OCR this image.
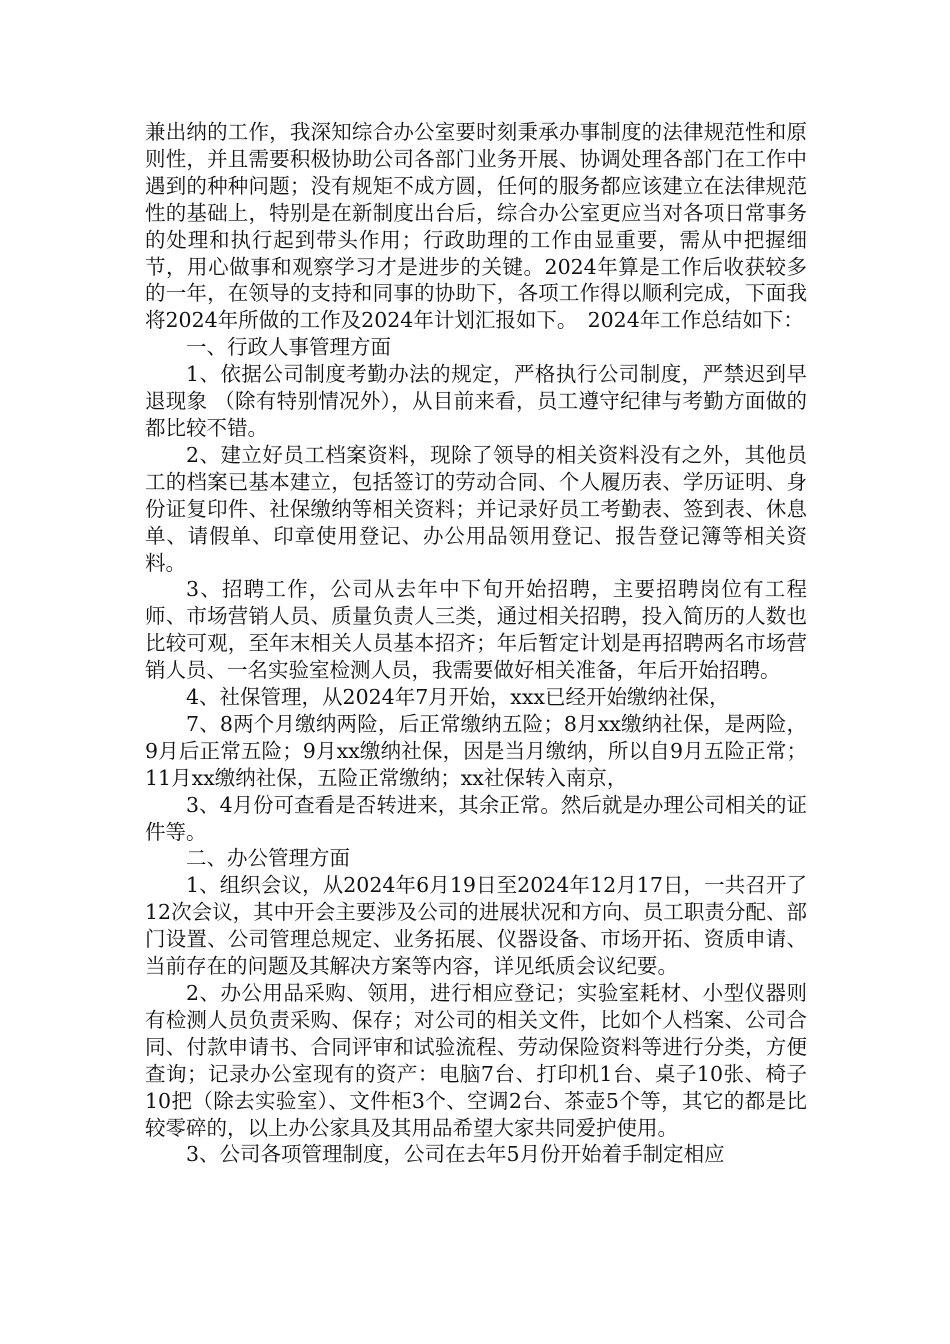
兼出纳的工作，我深知综合办公室要时刻秉承办事制度的法律规范性和原则性，并且需要积极协助公司各部门业务开展、协调处理各部门在工作中遇到的种种问题；没有规矩不成方圆，任何的服务都应该建立在法律规范性的基础上，特别是在新制度出台后，综合办公室更应当对各项日常事务的处理和执行起到带头作用；行政助理的工作由显重要，需从中把握细节，用心做事和观察学习才是进步的关键。2024年算是工作后收获较多的一年，在领导的支持和同事的协助下，各项工作得以顺利完成，下面我将2024年所做的工作及2024年计划汇报如下。　2024年工作总结如下：

一、行政人事管理方面

1、依据公司制度考勤办法的规定，严格执行公司制度，严禁迟到早退现象 （除有特别情况外），从目前来看，员工遵守纪律与考勤方面做的都比较不错。

2、建立好员工档案资料，现除了领导的相关资料没有之外，其他员工的档案已基本建立，包括签订的劳动合同、个人履历表、学历证明、身份证复印件、社保缴纳等相关资料；并记录好员工考勤表、签到表、休息单、请假单、印章使用登记、办公用品领用登记、报告登记簿等相关资料。

3、招聘工作，公司从去年中下旬开始招聘，主要招聘岗位有工程师、市场营销人员、质量负责人三类，通过相关招聘，投入简历的人数也比较可观，至年末相关人员基本招齐；年后暂定计划是再招聘两名市场营销人员、一名实验室检测人员，我需要做好相关准备，年后开始招聘。

4、社保管理，从2024年7月开始，xxx已经开始缴纳社保，

7、8两个月缴纳两险，后正常缴纳五险；8月xx缴纳社保，是两险，9月后正常五险；9月xx缴纳社保，因是当月缴纳，所以自9月五险正常；11月xx缴纳社保，五险正常缴纳；xx社保转入南京，

3、4月份可查看是否转进来，其余正常。然后就是办理公司相关的证件等。

二、办公管理方面

1、组织会议，从2024年6月19日至2024年12月17日，一共召开了12次会议，其中开会主要涉及公司的进展状况和方向、员工职责分配、部门设置、公司管理总规定、业务拓展、仪器设备、市场开拓、资质申请、当前存在的问题及其解决方案等内容，详见纸质会议纪要。

2、办公用品采购、领用，进行相应登记；实验室耗材、小型仪器则有检测人员负责采购、保存；对公司的相关文件，比如个人档案、公司合同、付款申请书、合同评审和试验流程、劳动保险资料等进行分类，方便查询；记录办公室现有的资产：电脑7台、打印机1台、桌子10张、椅子10把（除去实验室）、文件柜3个、空调2台、茶壶5个等，其它的都是比较零碎的，以上办公家具及其用品希望大家共同爱护使用。

3、公司各项管理制度，公司在去年5月份开始着手制定相应
